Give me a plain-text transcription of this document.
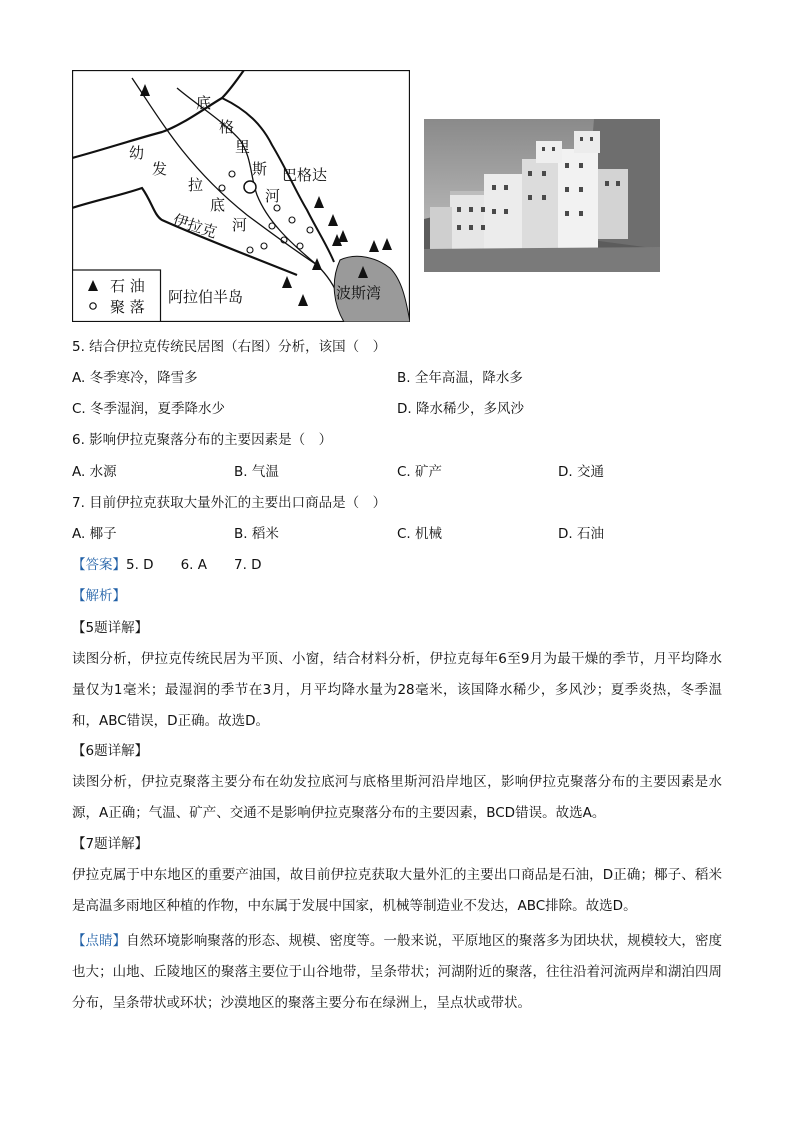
石 油
聚 落
底
格
里
斯 巴格达
河
幼
发
拉
底
河
伊拉克
阿拉伯半岛	波斯湾
5. 结合伊拉克传统民居图（右图）分析，该国（　）
A. 冬季寒冷，降雪多	B. 全年高温，降水多
C. 冬季湿润，夏季降水少	D. 降水稀少，多风沙
6. 影响伊拉克聚落分布的主要因素是（　）
A. 水源	B. 气温	C. 矿产	D. 交通
7. 目前伊拉克获取大量外汇的主要出口商品是（　）
A. 椰子	B. 稻米	C. 机械	D. 石油
【答案】5. D　　6. A　　7. D
【解析】
【5题详解】
读图分析，伊拉克传统民居为平顶、小窗，结合材料分析，伊拉克每年6至9月为最干燥的季节，月平均降水量仅为1毫米；最湿润的季节在3月，月平均降水量为28毫米，该国降水稀少，多风沙；夏季炎热，冬季温和，ABC错误，D正确。故选D。
【6题详解】
读图分析，伊拉克聚落主要分布在幼发拉底河与底格里斯河沿岸地区，影响伊拉克聚落分布的主要因素是水源，A正确；气温、矿产、交通不是影响伊拉克聚落分布的主要因素，BCD错误。故选A。
【7题详解】
伊拉克属于中东地区的重要产油国，故目前伊拉克获取大量外汇的主要出口商品是石油，D正确；椰子、稻米是高温多雨地区种植的作物，中东属于发展中国家，机械等制造业不发达，ABC排除。故选D。
【点睛】自然环境影响聚落的形态、规模、密度等。一般来说，平原地区的聚落多为团块状，规模较大，密度也大；山地、丘陵地区的聚落主要位于山谷地带，呈条带状；河湖附近的聚落，往往沿着河流两岸和湖泊四周分布，呈条带状或环状；沙漠地区的聚落主要分布在绿洲上，呈点状或带状。
